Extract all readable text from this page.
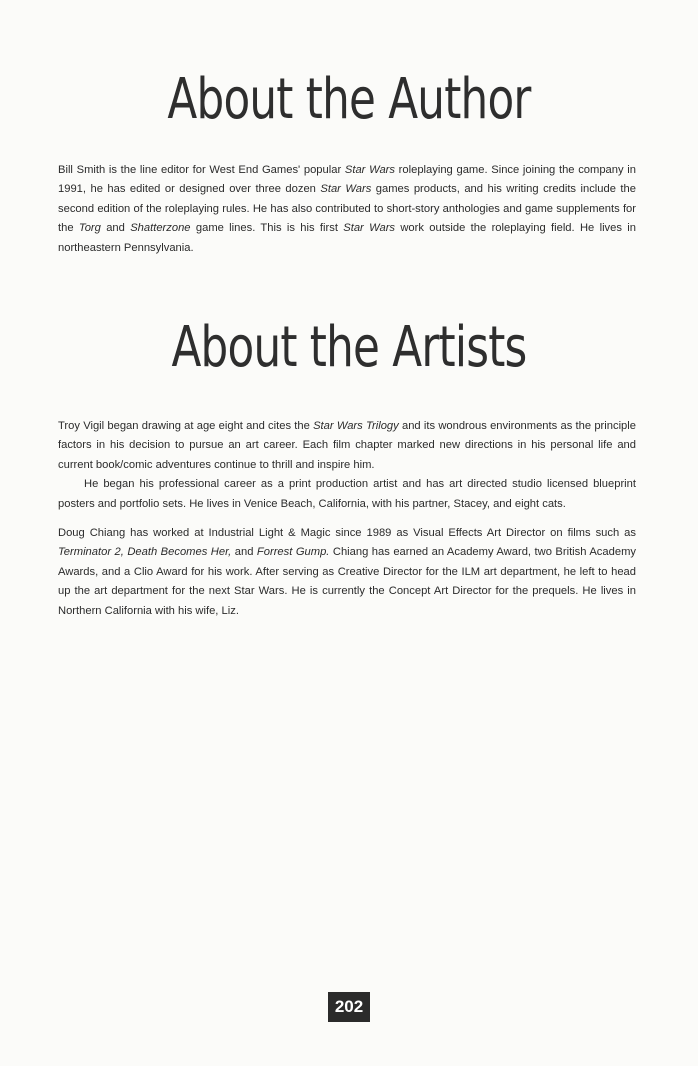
About the Author

Bill Smith is the line editor for West End Games' popular Star Wars roleplaying game. Since joining the company in 1991, he has edited or designed over three dozen Star Wars games products, and his writing credits include the second edition of the roleplaying rules. He has also contributed to short-story anthologies and game supplements for the Torg and Shatterzone game lines. This is his first Star Wars work outside the roleplaying field. He lives in northeastern Pennsylvania.

About the Artists

Troy Vigil began drawing at age eight and cites the Star Wars Trilogy and its wondrous environments as the principle factors in his decision to pursue an art career. Each film chapter marked new directions in his personal life and current book/comic adventures continue to thrill and inspire him.

He began his professional career as a print production artist and has art directed studio licensed blueprint posters and portfolio sets. He lives in Venice Beach, California, with his partner, Stacey, and eight cats.

Doug Chiang has worked at Industrial Light & Magic since 1989 as Visual Effects Art Director on films such as Terminator 2, Death Becomes Her, and Forrest Gump. Chiang has earned an Academy Award, two British Academy Awards, and a Clio Award for his work. After serving as Creative Director for the ILM art department, he left to head up the art department for the next Star Wars. He is currently the Concept Art Director for the prequels. He lives in Northern California with his wife, Liz.

202
